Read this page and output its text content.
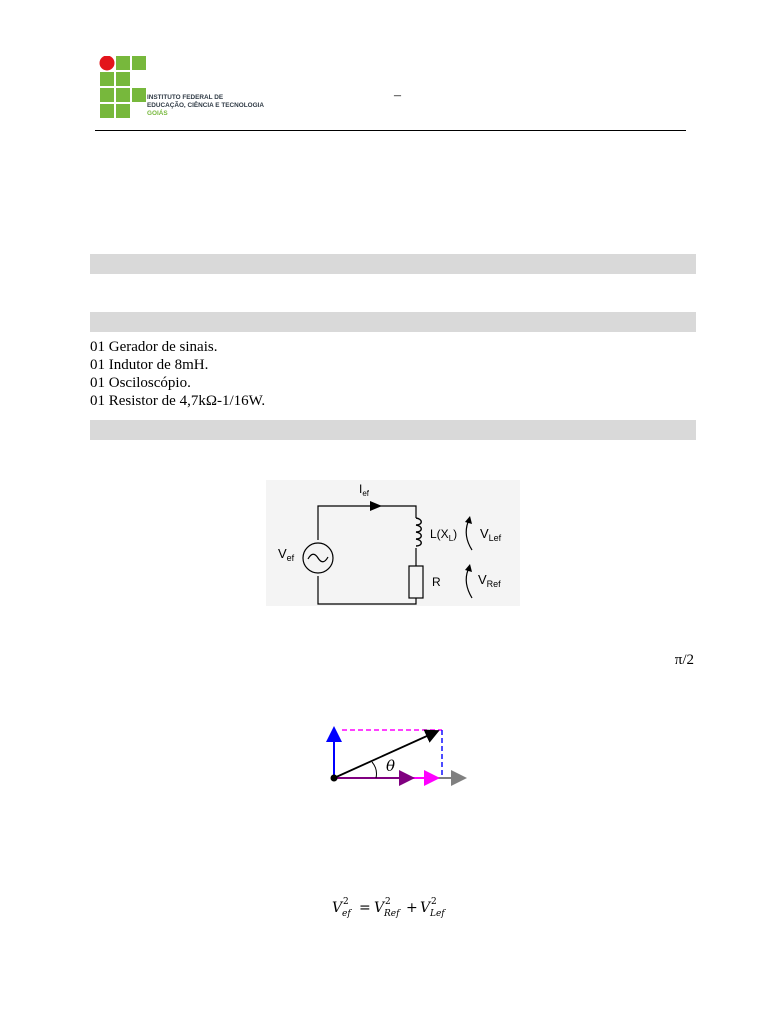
INSTITUTO FEDERAL DE
EDUCAÇÃO, CIÊNCIA E TECNOLOGIA
GOIÁS
–
01 Gerador de sinais.
01 Indutor de 8mH.
01 Osciloscópio.
01 Resistor de 4,7kΩ-1/16W.
$I_{ef}$
$V_{ef}$
$L(X_L)$
R
$V_{Lef}$
$V_{Ref}$
π/2
θ
V 2
ef = V 2
Ref + V 2
Lef
